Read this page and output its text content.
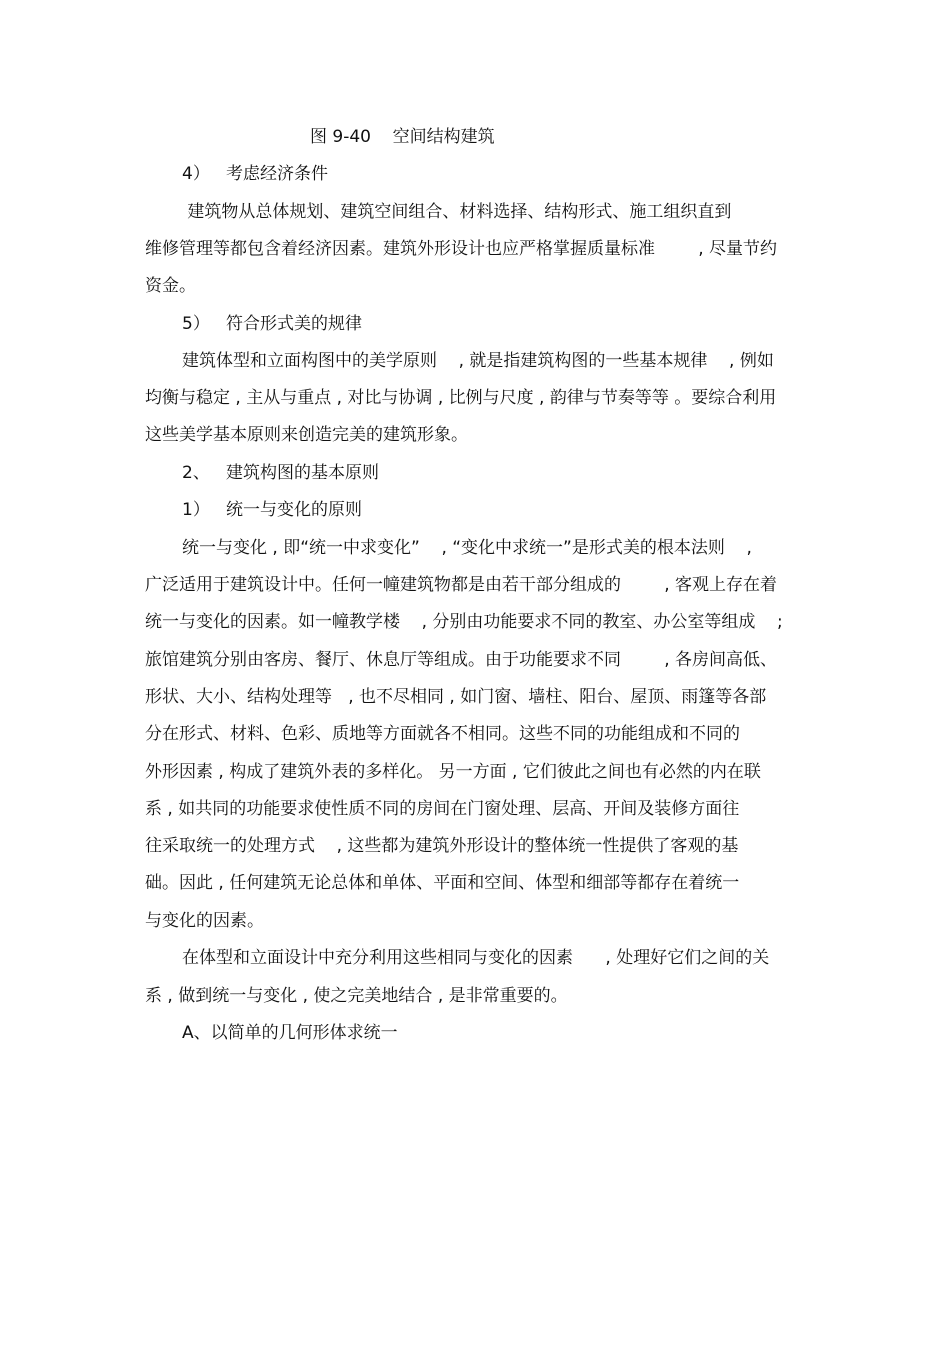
图 9-40    空间结构建筑
4）   考虑经济条件
建筑物从总体规划、建筑空间组合、材料选择、结构形式、施工组织直到
维修管理等都包含着经济因素。建筑外形设计也应严格掌握质量标准        , 尽量节约
资金。
5）   符合形式美的规律
建筑体型和立面构图中的美学原则    , 就是指建筑构图的一些基本规律    , 例如
均衡与稳定 , 主从与重点 , 对比与协调 , 比例与尺度 , 韵律与节奏等等 。要综合利用
这些美学基本原则来创造完美的建筑形象。
2、   建筑构图的基本原则
1）   统一与变化的原则
统一与变化 , 即“统一中求变化”    , “变化中求统一”是形式美的根本法则    ,
广泛适用于建筑设计中。任何一幢建筑物都是由若干部分组成的        , 客观上存在着
统一与变化的因素。如一幢教学楼    , 分别由功能要求不同的教室、办公室等组成    ;
旅馆建筑分别由客房、餐厅、休息厅等组成。由于功能要求不同        , 各房间高低、
形状、大小、结构处理等   , 也不尽相同 , 如门窗、墙柱、阳台、屋顶、雨篷等各部
分在形式、材料、色彩、质地等方面就各不相同。这些不同的功能组成和不同的
外形因素 , 构成了建筑外表的多样化。 另一方面 , 它们彼此之间也有必然的内在联
系 , 如共同的功能要求使性质不同的房间在门窗处理、层高、开间及装修方面往
往采取统一的处理方式    , 这些都为建筑外形设计的整体统一性提供了客观的基
础。因此 , 任何建筑无论总体和单体、平面和空间、体型和细部等都存在着统一
与变化的因素。
在体型和立面设计中充分利用这些相同与变化的因素      , 处理好它们之间的关
系 , 做到统一与变化 , 使之完美地结合 , 是非常重要的。
A、以简单的几何形体求统一
